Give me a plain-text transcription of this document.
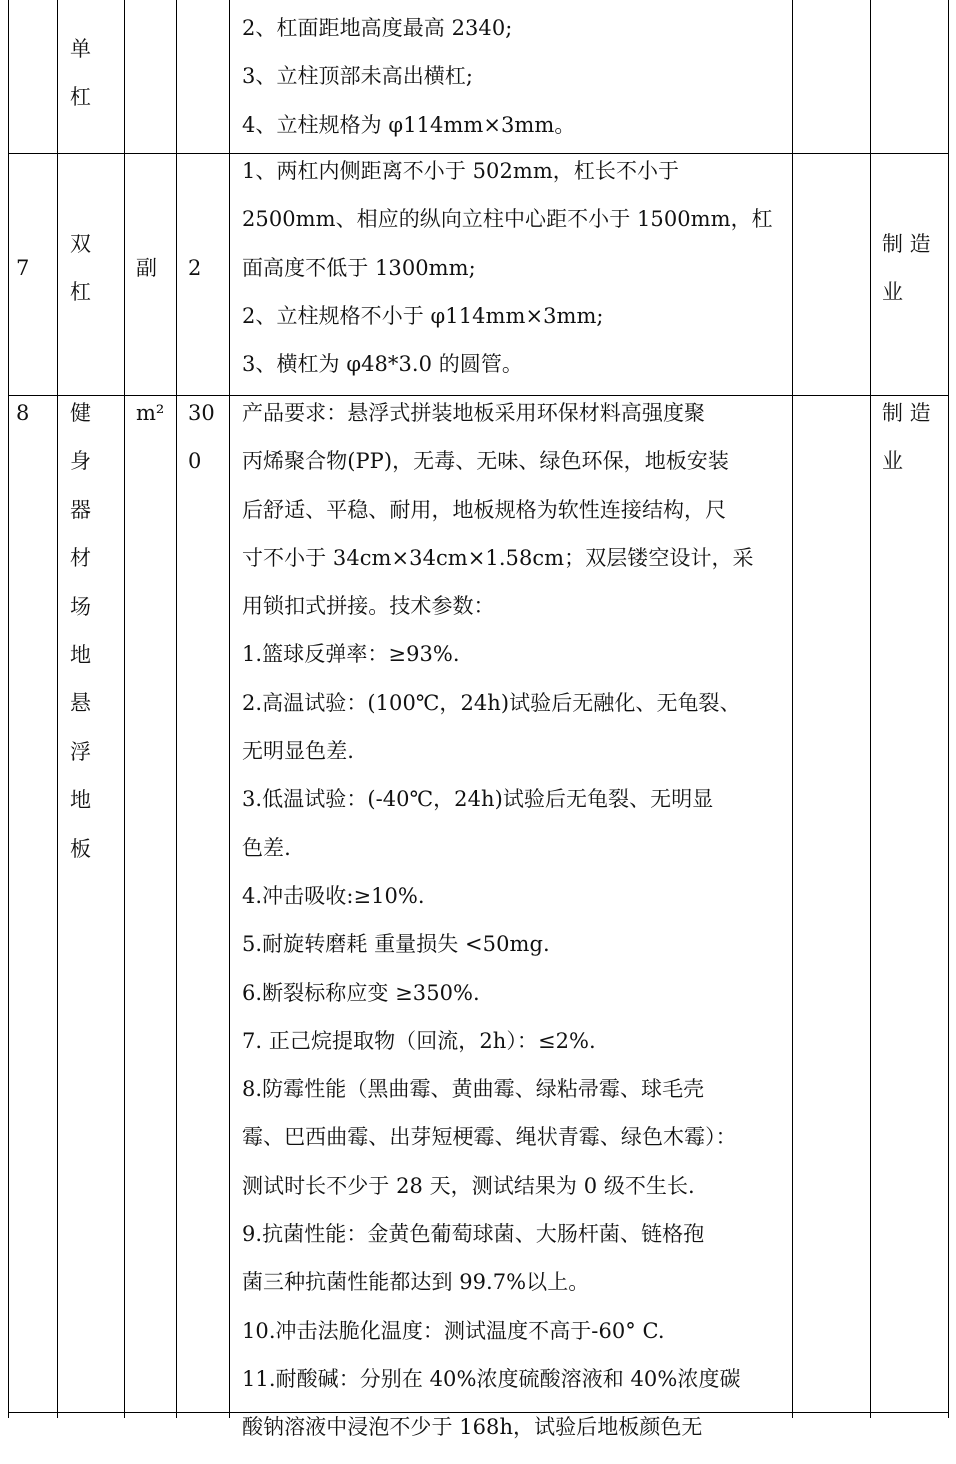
单
杠
2、杠面距地高度最高 2340;
3、立柱顶部未高出横杠;
4、立柱规格为 φ114mm×3mm。
7
双
杠
副 2
1、两杠内侧距离不小于 502mm，杠长不小于
2500mm、相应的纵向立柱中心距不小于 1500mm，杠
面高度不低于 1300mm;
2、立柱规格不小于 φ114mm×3mm;
3、横杠为 φ48*3.0 的圆管。
制 造
业
8 健
身
器
材
场
地
悬
浮
地
板
m² 30
0
产品要求：悬浮式拼装地板采用环保材料高强度聚
丙烯聚合物(PP)，无毒、无味、绿色环保，地板安装
后舒适、平稳、耐用，地板规格为软性连接结构，尺
寸不小于 34cm×34cm×1.58cm；双层镂空设计，采
用锁扣式拼接。技术参数：
1.篮球反弹率：≥93%.
2.高温试验：(100℃，24h)试验后无融化、无龟裂、
无明显色差.
3.低温试验：(-40℃，24h)试验后无龟裂、无明显
色差.
4.冲击吸收:≥10%.
5.耐旋转磨耗 重量损失 <50mg.
6.断裂标称应变 ≥350%.
7. 正己烷提取物（回流，2h）：≤2%.
8.防霉性能（黑曲霉、黄曲霉、绿粘帚霉、球毛壳
霉、巴西曲霉、出芽短梗霉、绳状青霉、绿色木霉）：
测试时长不少于 28 天，测试结果为 0 级不生长.
9.抗菌性能：金黄色葡萄球菌、大肠杆菌、链格孢
菌三种抗菌性能都达到 99.7%以上。
10.冲击法脆化温度：测试温度不高于-60° C.
11.耐酸碱：分别在 40%浓度硫酸溶液和 40%浓度碳
酸钠溶液中浸泡不少于 168h，试验后地板颜色无
制 造
业
